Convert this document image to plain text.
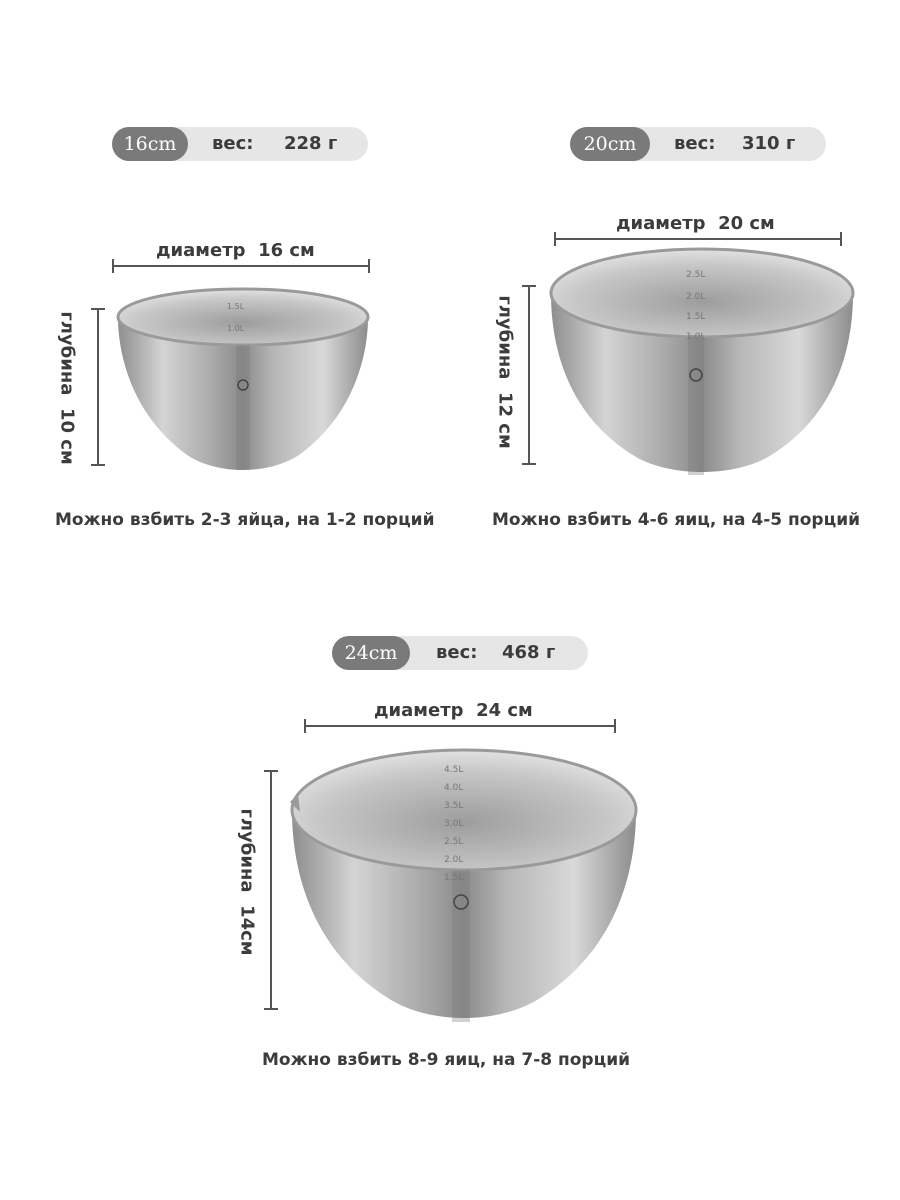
16cm	вес: 228 г
диаметр  16 см
глубина  10 см
1.5L
1.0L
Можно взбить 2-3 яйца, на 1-2 порций
20cm	вес: 310 г
диаметр  20 см
глубина  12 см
2.5L
2.0L
1.5L
1.0L
Можно взбить 4-6 яиц, на 4-5 порций
24cm	вес: 468 г
диаметр  24 см
глубина  14см
4.5L
4.0L
3.5L
3.0L
2.5L
2.0L
1.5L
Можно взбить 8-9 яиц, на 7-8 порций
